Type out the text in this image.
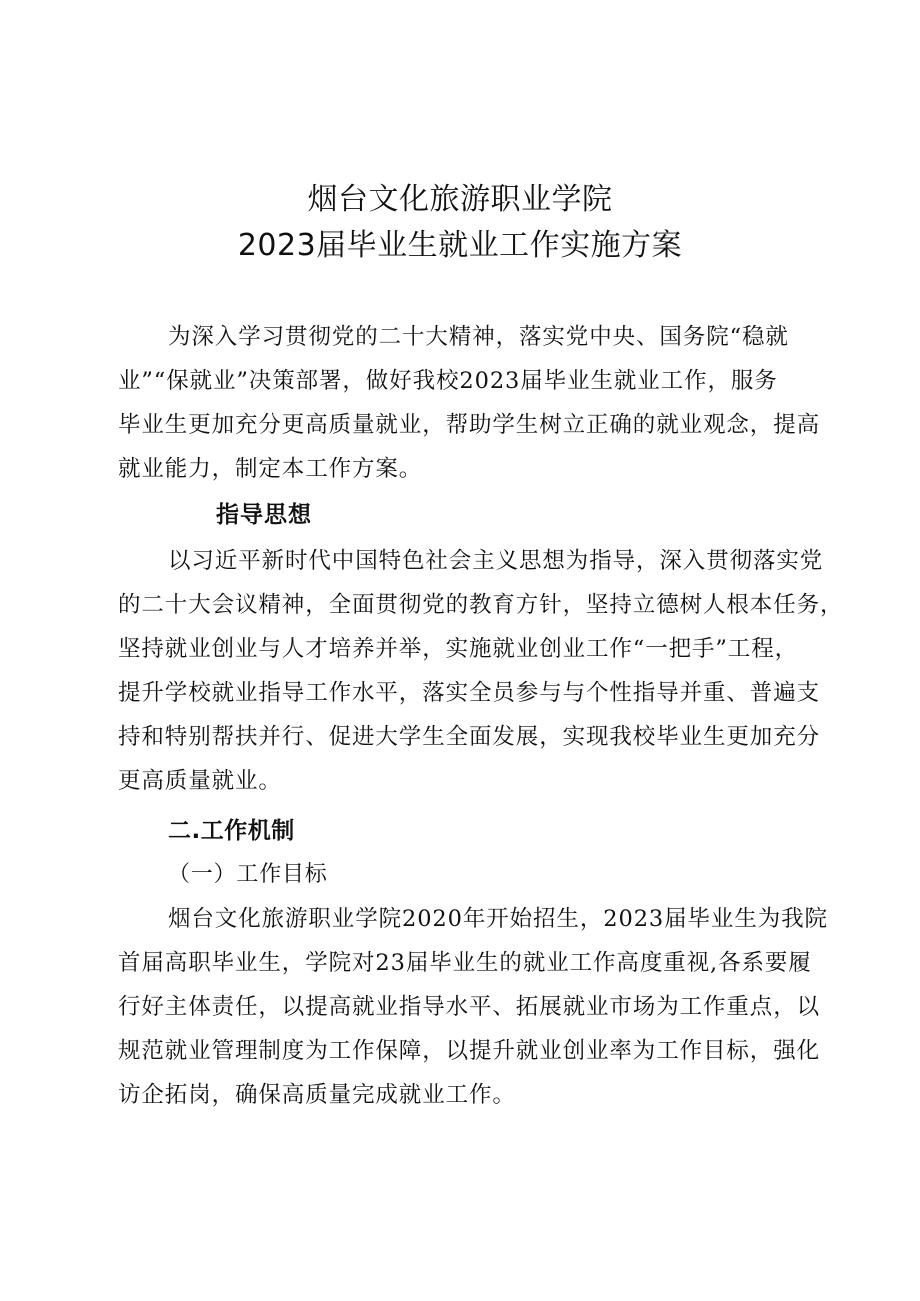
烟台文化旅游职业学院
2023届毕业生就业工作实施方案

为深入学习贯彻党的二十大精神，落实党中央、国务院“稳就

业”“保就业”决策部署，做好我校2023届毕业生就业工作，服务

毕业生更加充分更高质量就业，帮助学生树立正确的就业观念，提高

就业能力，制定本工作方案。

指导思想

以习近平新时代中国特色社会主义思想为指导，深入贯彻落实党

的二十大会议精神，全面贯彻党的教育方针，坚持立德树人根本任务，

坚持就业创业与人才培养并举，实施就业创业工作“一把手”工程，

提升学校就业指导工作水平，落实全员参与与个性指导并重、普遍支

持和特别帮扶并行、促进大学生全面发展，实现我校毕业生更加充分

更高质量就业。

二.工作机制

（一）工作目标

烟台文化旅游职业学院2020年开始招生，2023届毕业生为我院

首届高职毕业生，学院对23届毕业生的就业工作高度重视,各系要履

行好主体责任，以提高就业指导水平、拓展就业市场为工作重点，以

规范就业管理制度为工作保障，以提升就业创业率为工作目标，强化

访企拓岗，确保高质量完成就业工作。
